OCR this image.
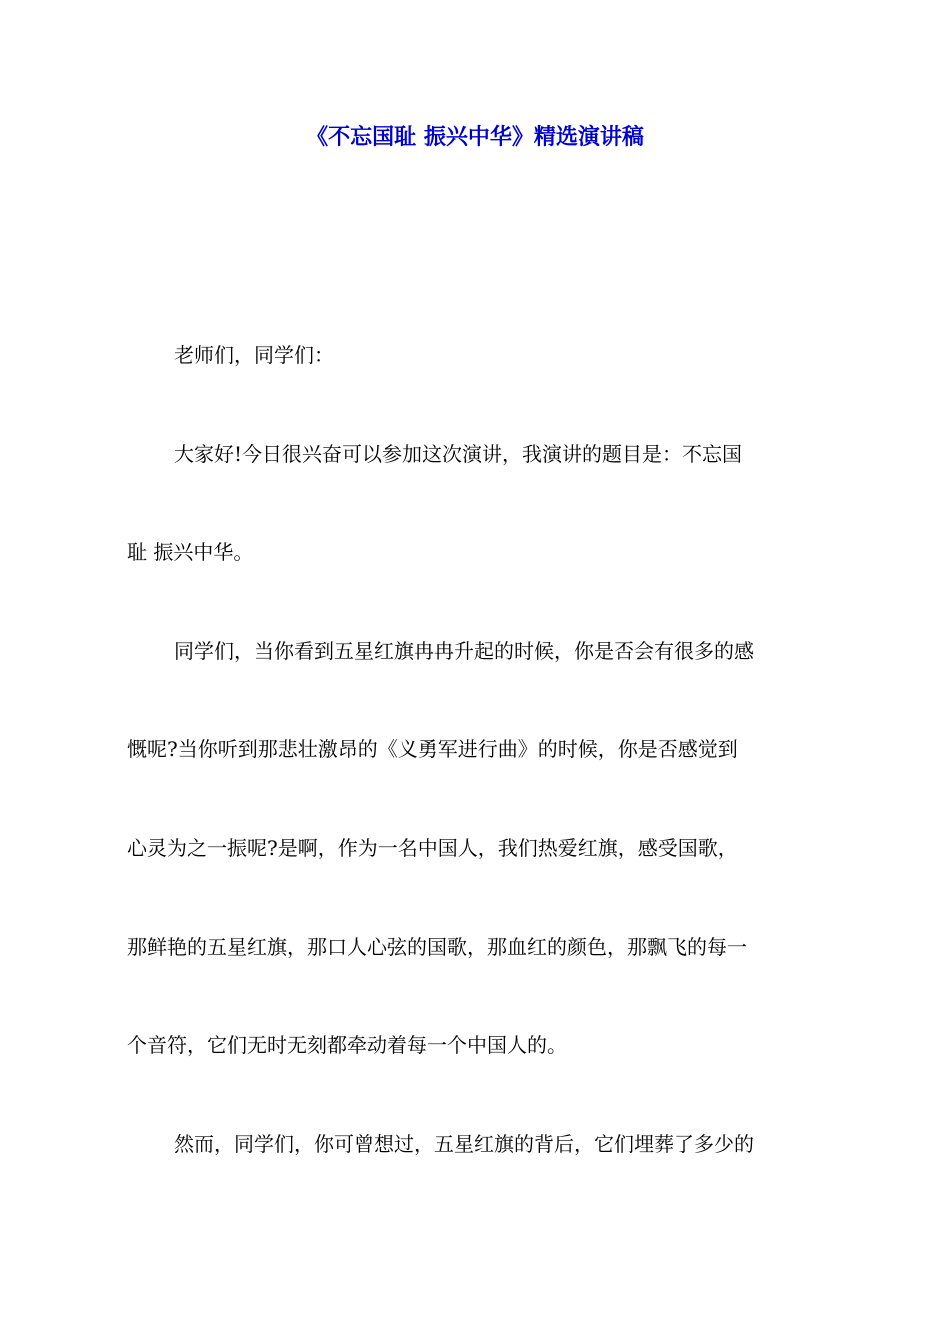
《不忘国耻 振兴中华》精选演讲稿
老师们，同学们：
大家好!今日很兴奋可以参加这次演讲，我演讲的题目是：不忘国
耻 振兴中华。
同学们，当你看到五星红旗冉冉升起的时候，你是否会有很多的感
慨呢?当你听到那悲壮激昂的《义勇军进行曲》的时候，你是否感觉到
心灵为之一振呢?是啊，作为一名中国人，我们热爱红旗，感受国歌，
那鲜艳的五星红旗，那口人心弦的国歌，那血红的颜色，那飘飞的每一
个音符，它们无时无刻都牵动着每一个中国人的。
然而，同学们，你可曾想过，五星红旗的背后，它们埋葬了多少的
